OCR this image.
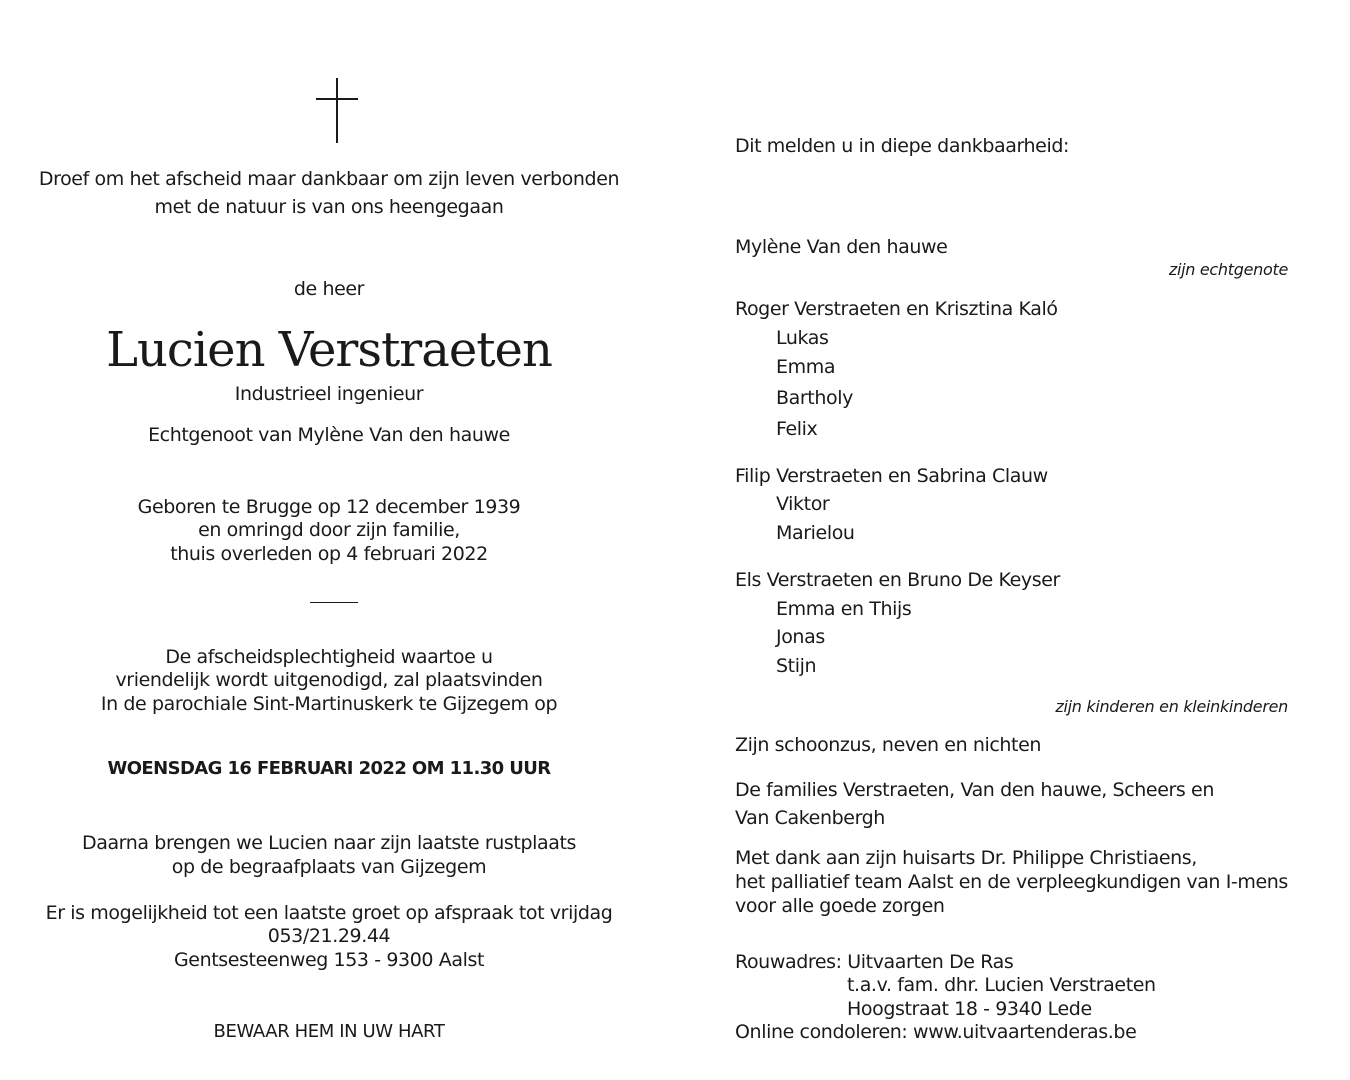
Droef om het afscheid maar dankbaar om zijn leven verbonden
met de natuur is van ons heengegaan
de heer
Lucien Verstraeten
Industrieel ingenieur
Echtgenoot van Mylène Van den hauwe
Geboren te Brugge op 12 december 1939
en omringd door zijn familie,
thuis overleden op 4 februari 2022
De afscheidsplechtigheid waartoe u
vriendelijk wordt uitgenodigd, zal plaatsvinden
In de parochiale Sint-Martinuskerk te Gijzegem op
WOENSDAG 16 FEBRUARI 2022 OM 11.30 UUR
Daarna brengen we Lucien naar zijn laatste rustplaats
op de begraafplaats van Gijzegem
Er is mogelijkheid tot een laatste groet op afspraak tot vrijdag
053/21.29.44
Gentsesteenweg 153 - 9300 Aalst
BEWAAR HEM IN UW HART
Dit melden u in diepe dankbaarheid:
Mylène Van den hauwe
zijn echtgenote
Roger Verstraeten en Krisztina Kaló
Lukas
Emma
Bartholy
Felix
Filip Verstraeten en Sabrina Clauw
Viktor
Marielou
Els Verstraeten en Bruno De Keyser
Emma en Thijs
Jonas
Stijn
zijn kinderen en kleinkinderen
Zijn schoonzus, neven en nichten
De families Verstraeten, Van den hauwe, Scheers en
Van Cakenbergh
Met dank aan zijn huisarts Dr. Philippe Christiaens,
het palliatief team Aalst en de verpleegkundigen van I-mens
voor alle goede zorgen
Rouwadres: Uitvaarten De Ras
t.a.v. fam. dhr. Lucien Verstraeten
Hoogstraat 18 - 9340 Lede
Online condoleren: www.uitvaartenderas.be
